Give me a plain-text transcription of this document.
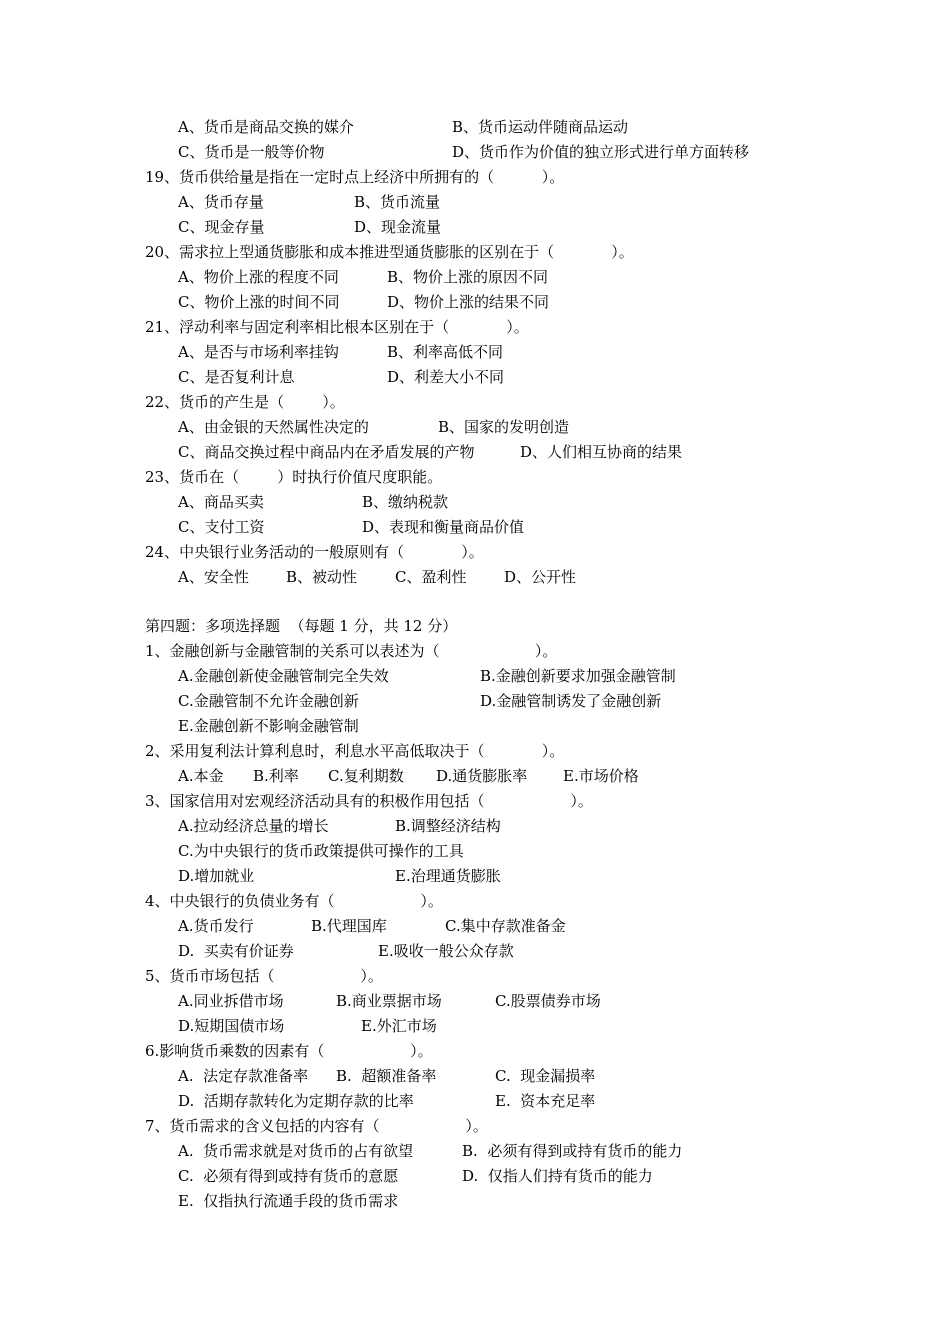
A、货币是商品交换的媒介	B、货币运动伴随商品运动
C、货币是一般等价物	D、货币作为价值的独立形式进行单方面转移
19、货币供给量是指在一定时点上经济中所拥有的（          ）。
A、货币存量	B、货币流量
C、现金存量	D、现金流量
20、需求拉上型通货膨胀和成本推进型通货膨胀的区别在于（            ）。
A、物价上涨的程度不同	B、物价上涨的原因不同
C、物价上涨的时间不同	D、物价上涨的结果不同
21、浮动利率与固定利率相比根本区别在于（            ）。
A、是否与市场利率挂钩	B、利率高低不同
C、是否复利计息	D、利差大小不同
22、货币的产生是（        ）。
A、由金银的天然属性决定的	B、国家的发明创造
C、商品交换过程中商品内在矛盾发展的产物	D、人们相互协商的结果
23、货币在（        ）时执行价值尺度职能。
A、商品买卖	B、缴纳税款
C、支付工资	D、表现和衡量商品价值
24、中央银行业务活动的一般原则有（            ）。
A、安全性 B、被动性	C、盈利性	D、公开性
第四题：多项选择题  （每题 1 分，共 12 分）
1、金融创新与金融管制的关系可以表述为（                    ）。
A.金融创新使金融管制完全失效	B.金融创新要求加强金融管制
C.金融管制不允许金融创新	D.金融管制诱发了金融创新
E.金融创新不影响金融管制
2、采用复利法计算利息时，利息水平高低取决于（            ）。
A.本金 B.利率 C.复利期数 D.通货膨胀率 E.市场价格
3、国家信用对宏观经济活动具有的积极作用包括（                  ）。
A.拉动经济总量的增长	B.调整经济结构
C.为中央银行的货币政策提供可操作的工具
D.增加就业	E.治理通货膨胀
4、中央银行的负债业务有（                  ）。
A.货币发行	B.代理国库	C.集中存款准备金
D.  买卖有价证券	E.吸收一般公众存款
5、货币市场包括（                  ）。
A.同业拆借市场	B.商业票据市场	C.股票债券市场
D.短期国债市场	E.外汇市场
6.影响货币乘数的因素有（                  ）。
A.  法定存款准备率 B.  超额准备率	C.  现金漏损率
D.  活期存款转化为定期存款的比率	E.  资本充足率
7、货币需求的含义包括的内容有（                  ）。
A.  货币需求就是对货币的占有欲望	B.  必须有得到或持有货币的能力
C.  必须有得到或持有货币的意愿	D.  仅指人们持有货币的能力
E.  仅指执行流通手段的货币需求
